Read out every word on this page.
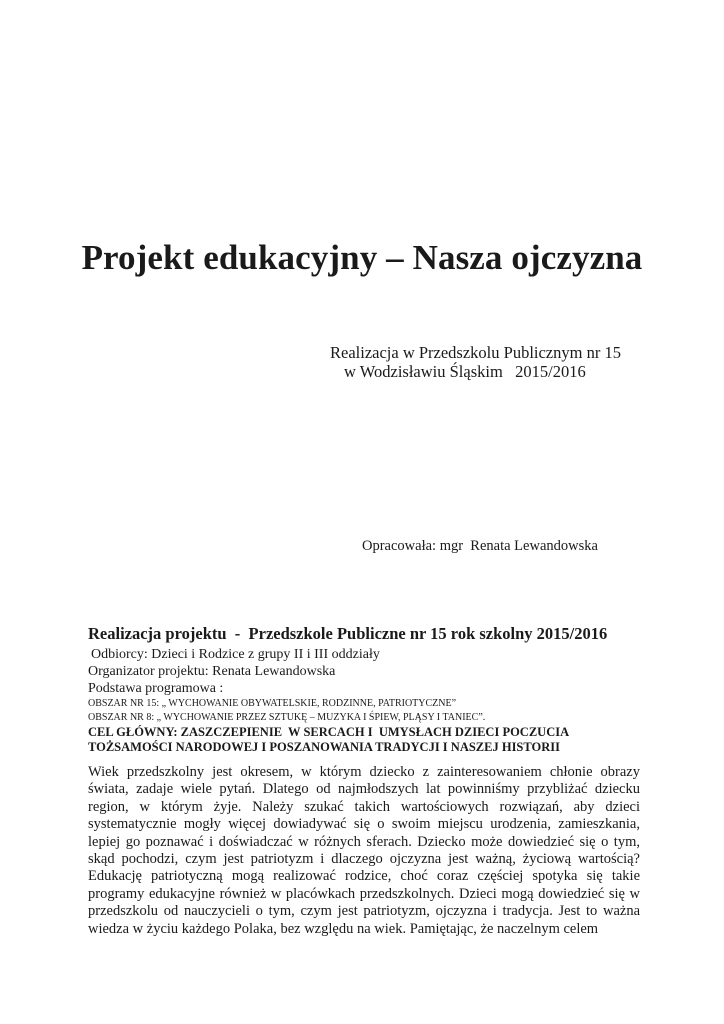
Projekt edukacyjny – Nasza ojczyzna
Realizacja w Przedszkolu Publicznym nr 15
w Wodzisławiu Śląskim   2015/2016
Opracowała: mgr  Renata Lewandowska
Realizacja projektu  -  Przedszkole Publiczne nr 15 rok szkolny 2015/2016
Odbiorcy: Dzieci i Rodzice z grupy II i III oddziały
Organizator projektu: Renata Lewandowska
Podstawa programowa :
OBSZAR NR 15: „ WYCHOWANIE OBYWATELSKIE, RODZINNE, PATRIOTYCZNE”
OBSZAR NR 8: „ WYCHOWANIE PRZEZ SZTUKĘ – MUZYKA I ŚPIEW, PLĄSY I TANIEC”.
CEL GŁÓWNY: ZASZCZEPIENIE  W SERCACH I  UMYSŁACH DZIECI POCZUCIA
TOŻSAMOŚCI NARODOWEJ I POSZANOWANIA TRADYCJI I NASZEJ HISTORII

Wiek przedszkolny jest okresem, w którym dziecko z zainteresowaniem chłonie obrazy świata, zadaje wiele pytań. Dlatego od najmłodszych lat powinniśmy przybliżać dziecku region, w którym żyje. Należy szukać takich wartościowych rozwiązań, aby dzieci systematycznie mogły więcej dowiadywać się o swoim miejscu urodzenia, zamieszkania, lepiej go poznawać i doświadczać w różnych sferach. Dziecko może dowiedzieć się o tym, skąd pochodzi, czym jest patriotyzm i dlaczego ojczyzna jest ważną, życiową wartością? Edukację patriotyczną mogą realizować rodzice, choć coraz częściej spotyka się takie programy edukacyjne również w placówkach przedszkolnych. Dzieci mogą dowiedzieć się w przedszkolu od nauczycieli o tym, czym jest patriotyzm, ojczyzna i tradycja. Jest to ważna wiedza w życiu każdego Polaka, bez względu na wiek. Pamiętając, że naczelnym celem
